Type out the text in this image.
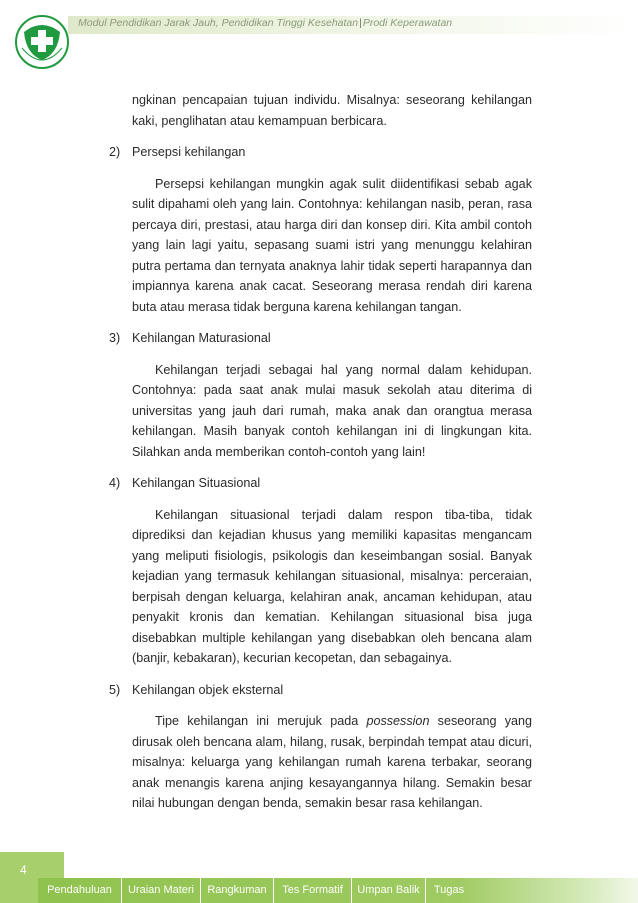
Modul Pendidikan Jarak Jauh, Pendidikan Tinggi Kesehatan|Prodi Keperawatan

ngkinan pencapaian tujuan individu. Misalnya: seseorang kehilangan kaki, penglihatan atau kemampuan berbicara.

2) Persepsi kehilangan

Persepsi kehilangan mungkin agak sulit diidentifikasi sebab agak sulit dipahami oleh yang lain. Contohnya: kehilangan nasib, peran, rasa percaya diri, prestasi, atau harga diri dan konsep diri. Kita ambil contoh yang lain lagi yaitu, sepasang suami istri yang menunggu kelahiran putra pertama dan ternyata anaknya lahir tidak seperti harapannya dan impiannya karena anak cacat. Seseorang merasa rendah diri karena buta atau merasa tidak berguna karena kehilangan tangan.

3) Kehilangan Maturasional

Kehilangan terjadi sebagai hal yang normal dalam kehidupan. Contohnya: pada saat anak mulai masuk sekolah atau diterima di universitas yang jauh dari rumah, maka anak dan orangtua merasa kehilangan. Masih banyak contoh kehilangan ini di lingkungan kita. Silahkan anda memberikan contoh-contoh yang lain!

4) Kehilangan Situasional

Kehilangan situasional terjadi dalam respon tiba-tiba, tidak diprediksi dan kejadian khusus yang memiliki kapasitas mengancam yang meliputi fisiologis, psikologis dan keseimbangan sosial. Banyak kejadian yang termasuk kehilangan situasional, misalnya: perceraian, berpisah dengan keluarga, kelahiran anak, ancaman kehidupan, atau penyakit kronis dan kematian. Kehilangan situasional bisa juga disebabkan multiple kehilangan yang disebabkan oleh bencana alam (banjir, kebakaran), kecurian kecopetan, dan sebagainya.

5) Kehilangan objek eksternal

Tipe kehilangan ini merujuk pada possession seseorang yang dirusak oleh bencana alam, hilang, rusak, berpindah tempat atau dicuri, misalnya: keluarga yang kehilangan rumah karena terbakar, seorang anak menangis karena anjing kesayangannya hilang. Semakin besar nilai hubungan dengan benda, semakin besar rasa kehilangan.

4
Pendahuluan	Uraian Materi	Rangkuman	Tes Formatif	Umpan Balik	Tugas
